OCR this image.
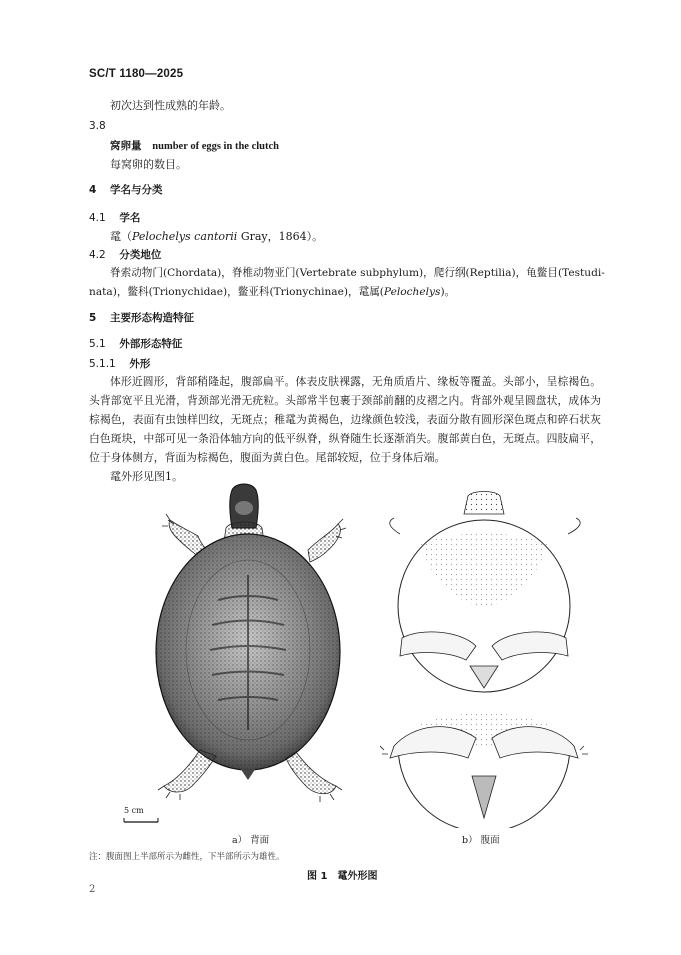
SC/T 1180—2025
初次达到性成熟的年龄。
3.8
窝卵量　 number of eggs in the clutch
每窝卵的数目。
4 学名与分类
4.1 学名
鼋（Pelochelys cantorii Gray，1864）。
4.2 分类地位
脊索动物门(Chordata)，脊椎动物亚门(Vertebrate subphylum)，爬行纲(Reptilia)，龟鳖目(Testudi-
nata)，鳖科(Trionychidae)，鳖亚科(Trionychinae)，鼋属(Pelochelys)。
5 主要形态构造特征
5.1 外部形态特征
5.1.1 外形

体形近圆形，背部稍隆起，腹部扁平。体表皮肤裸露，无角质盾片、缘板等覆盖。头部小，呈棕褐色。头背部宽平且光滑，背颈部光滑无疣粒。头部常半包裹于颈部前翻的皮褶之内。背部外观呈圆盘状，成体为棕褐色，表面有虫蚀样凹纹，无斑点；稚鼋为黄褐色，边缘颜色较浅，表面分散有圆形深色斑点和碎石状灰白色斑块，中部可见一条沿体轴方向的低平纵脊，纵脊随生长逐渐消失。腹部黄白色，无斑点。四肢扁平，位于身体侧方，背面为棕褐色，腹面为黄白色。尾部较短，位于身体后端。

鼋外形见图1。
5 cm
a） 背面	b） 腹面
注：腹面图上半部所示为雌性，下半部所示为雄性。
图 1　鼋外形图
2
